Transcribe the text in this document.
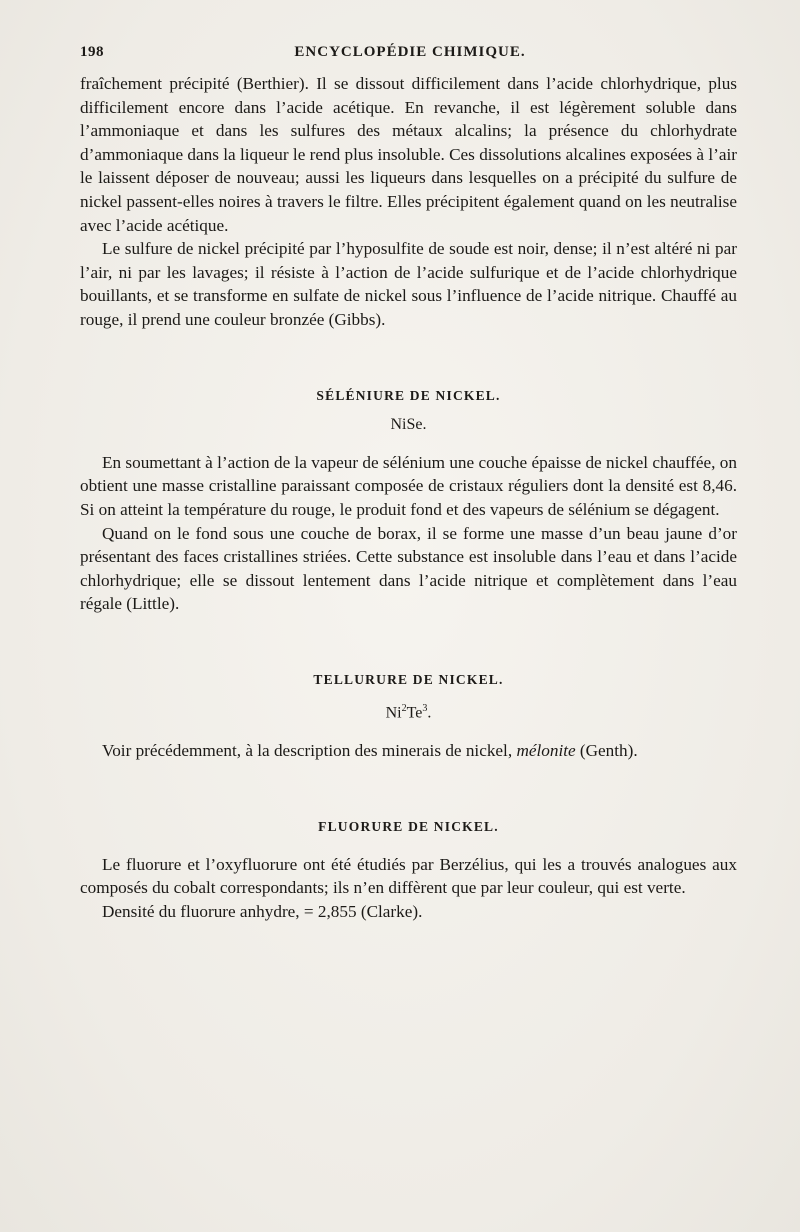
198	ENCYCLOPÉDIE CHIMIQUE.

fraîchement précipité (Berthier). Il se dissout difficilement dans l’acide chlorhydrique, plus difficilement encore dans l’acide acétique. En revanche, il est légèrement soluble dans l’ammoniaque et dans les sulfures des métaux alcalins; la présence du chlorhydrate d’ammoniaque dans la liqueur le rend plus insoluble. Ces dissolutions alcalines exposées à l’air le laissent déposer de nouveau; aussi les liqueurs dans lesquelles on a précipité du sulfure de nickel passent-elles noires à travers le filtre. Elles précipitent également quand on les neutralise avec l’acide acétique.

Le sulfure de nickel précipité par l’hyposulfite de soude est noir, dense; il n’est altéré ni par l’air, ni par les lavages; il résiste à l’action de l’acide sulfurique et de l’acide chlorhydrique bouillants, et se transforme en sulfate de nickel sous l’influence de l’acide nitrique. Chauffé au rouge, il prend une couleur bronzée (Gibbs).

SÉLÉNIURE DE NICKEL.

NiSe.

En soumettant à l’action de la vapeur de sélénium une couche épaisse de nickel chauffée, on obtient une masse cristalline paraissant composée de cristaux réguliers dont la densité est 8,46. Si on atteint la température du rouge, le produit fond et des vapeurs de sélénium se dégagent.

Quand on le fond sous une couche de borax, il se forme une masse d’un beau jaune d’or présentant des faces cristallines striées. Cette substance est insoluble dans l’eau et dans l’acide chlorhydrique; elle se dissout lentement dans l’acide nitrique et complètement dans l’eau régale (Little).

TELLURURE DE NICKEL.

Ni$^2$Te$^3$.

Voir précédemment, à la description des minerais de nickel, mélonite (Genth).

FLUORURE DE NICKEL.

Le fluorure et l’oxyfluorure ont été étudiés par Berzélius, qui les a trouvés analogues aux composés du cobalt correspondants; ils n’en diffèrent que par leur couleur, qui est verte.

Densité du fluorure anhydre, = 2,855 (Clarke).
